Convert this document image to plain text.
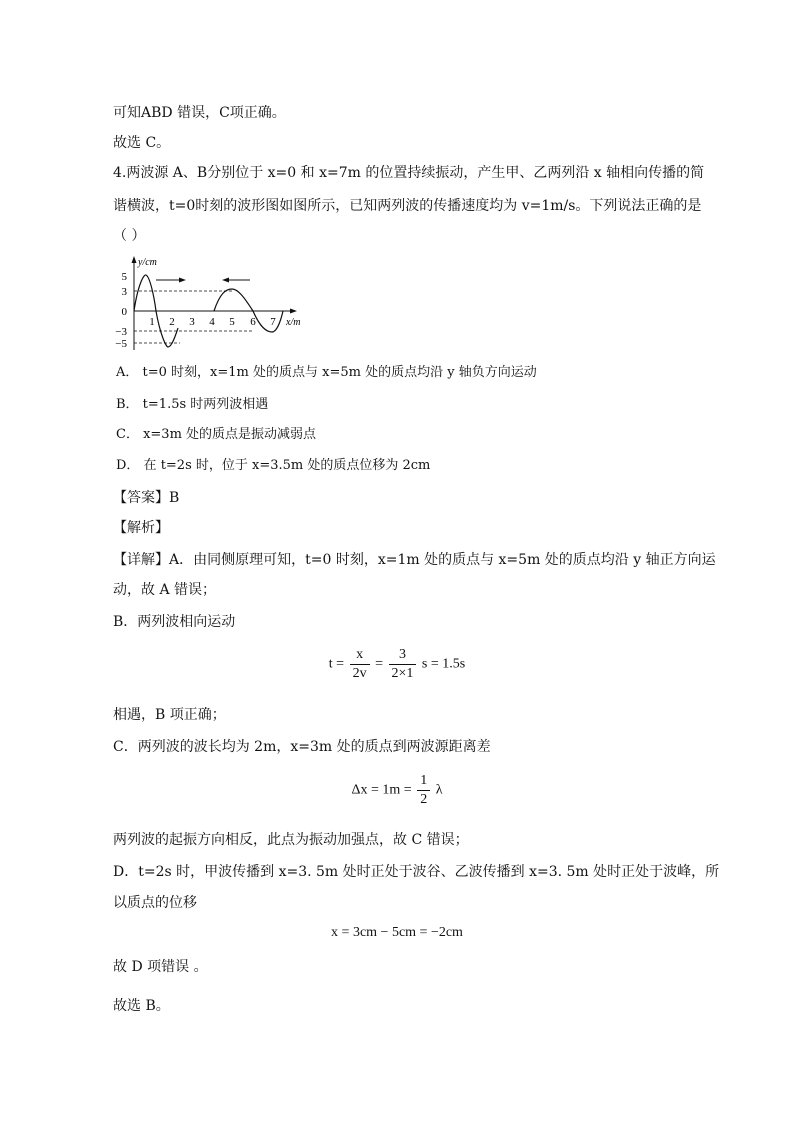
可知ABD 错误，C项正确。
故选 C。
4.两波源 A、B分别位于 x=0 和 x=7m 的位置持续振动，产生甲、乙两列沿 x 轴相向传播的简
谐横波，t=0时刻的波形图如图所示，已知两列波的传播速度均为 v=1m/s。下列说法正确的是
（ ）
y/cm
x/m
5
3
0
−3
−5
1 2 3 4 5 6 7
A． t=0 时刻，x=1m 处的质点与 x=5m 处的质点均沿 y 轴负方向运动
B． t=1.5s 时两列波相遇
C． x=3m 处的质点是振动减弱点
D． 在 t=2s 时，位于 x=3.5m 处的质点位移为 2cm
【答案】B
【解析】
【详解】A．由同侧原理可知，t=0 时刻，x=1m 处的质点与 x=5m 处的质点均沿 y 轴正方向运
动，故 A 错误；
B．两列波相向运动
$t = \frac{x}{2v} = \frac{3}{2\times 1}$ s = 1.5s
相遇，B 项正确；
C．两列波的波长均为 2m，x=3m 处的质点到两波源距离差
$\Delta x = 1m = \frac{1}{2}$ λ
两列波的起振方向相反，此点为振动加强点，故 C 错误；
D．t=2s 时，甲波传播到 x=3. 5m 处时正处于波谷、乙波传播到 x=3. 5m 处时正处于波峰，所
以质点的位移
x = 3cm − 5cm = −2cm
故 D 项错误 。
故选 B。
